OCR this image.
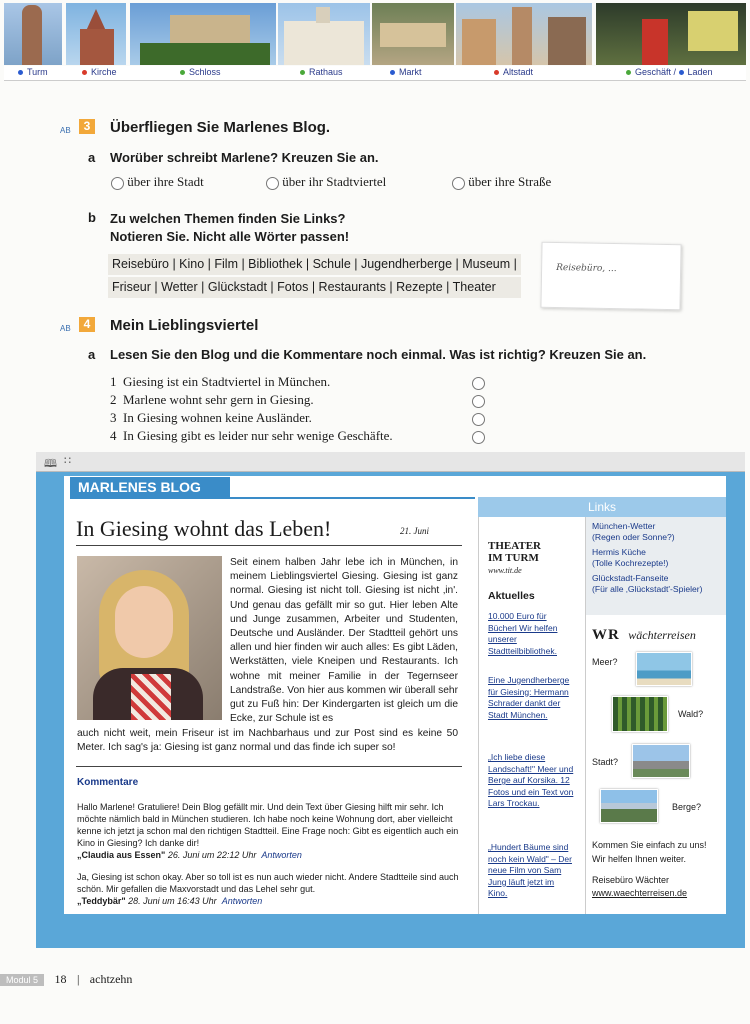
Turm	Kirche	Schloss	Rathaus	Markt	Altstadt	Geschäft / Laden
AB	3	Überfliegen Sie Marlenes Blog.
a Worüber schreibt Marlene? Kreuzen Sie an.
über ihre Stadt	über ihr Stadtviertel	über ihre Straße
b Zu welchen Themen finden Sie Links?
Notieren Sie. Nicht alle Wörter passen!
Reisebüro | Kino | Film | Bibliothek | Schule | Jugendherberge | Museum |
Friseur | Wetter | Glückstadt | Fotos | Restaurants | Rezepte | Theater
Reisebüro, ...
AB	4	Mein Lieblingsviertel
a Lesen Sie den Blog und die Kommentare noch einmal. Was ist richtig? Kreuzen Sie an.
1 Giesing ist ein Stadtviertel in München.
2 Marlene wohnt sehr gern in Giesing.
3 In Giesing wohnen keine Ausländer.
4 In Giesing gibt es leider nur sehr wenige Geschäfte.
🕮 ∷
MARLENES BLOG
Links
In Giesing wohnt das Leben!	21. Juni
Seit einem halben Jahr lebe ich in München, in meinem Lieblingsviertel Giesing. Giesing ist ganz normal. Giesing ist nicht toll. Giesing ist nicht ‚in'. Und genau das gefällt mir so gut. Hier leben Alte und Junge zusammen, Arbeiter und Studenten, Deutsche und Ausländer. Der Stadtteil gehört uns allen und hier finden wir auch alles: Es gibt Läden, Werkstätten, viele Kneipen und Restaurants. Ich wohne mit meiner Familie in der Tegernseer Landstraße. Von hier aus kommen wir überall sehr gut zu Fuß hin: Der Kindergarten ist gleich um die Ecke, zur Schule ist es
auch nicht weit, mein Friseur ist im Nachbarhaus und zur Post sind es keine 50 Meter. Ich sag's ja: Giesing ist ganz normal und das finde ich super so!
Kommentare
Hallo Marlene! Gratuliere! Dein Blog gefällt mir. Und dein Text über Giesing hilft mir sehr. Ich möchte nämlich bald in München studieren. Ich habe noch keine Wohnung dort, aber vielleicht kenne ich jetzt ja schon mal den richtigen Stadtteil. Eine Frage noch: Gibt es eigentlich auch ein Kino in Giesing? Ich danke dir!
„Claudia aus Essen" 26. Juni um 22:12 Uhr Antworten
Ja, Giesing ist schon okay. Aber so toll ist es nun auch wieder nicht. Andere Stadtteile sind auch schön. Mir gefallen die Maxvorstadt und das Lehel sehr gut.
„Teddybär" 28. Juni um 16:43 Uhr Antworten
THEATER
IM TURM
www.tit.de
Aktuelles
10.000 Euro für Bücherl Wir helfen unserer Stadtteilbibliothek.
Eine Jugendherberge für Giesing: Hermann Schrader dankt der Stadt München.
„Ich liebe diese Landschaft!" Meer und Berge auf Korsika. 12 Fotos und ein Text von Lars Trockau.
„Hundert Bäume sind noch kein Wald" – Der neue Film von Sam Jung läuft jetzt im Kino.
München-Wetter
(Regen oder Sonne?)
Hermis Küche
(Tolle Kochrezepte!)
Glückstadt-Fanseite
(Für alle ‚Glückstadt'-Spieler)
WR wächterreisen
Meer?
Wald?
Stadt?
Berge?
Kommen Sie einfach zu uns!
Wir helfen Ihnen weiter.
Reisebüro Wächter
www.waechterreisen.de
Modul 5 18 | achtzehn
